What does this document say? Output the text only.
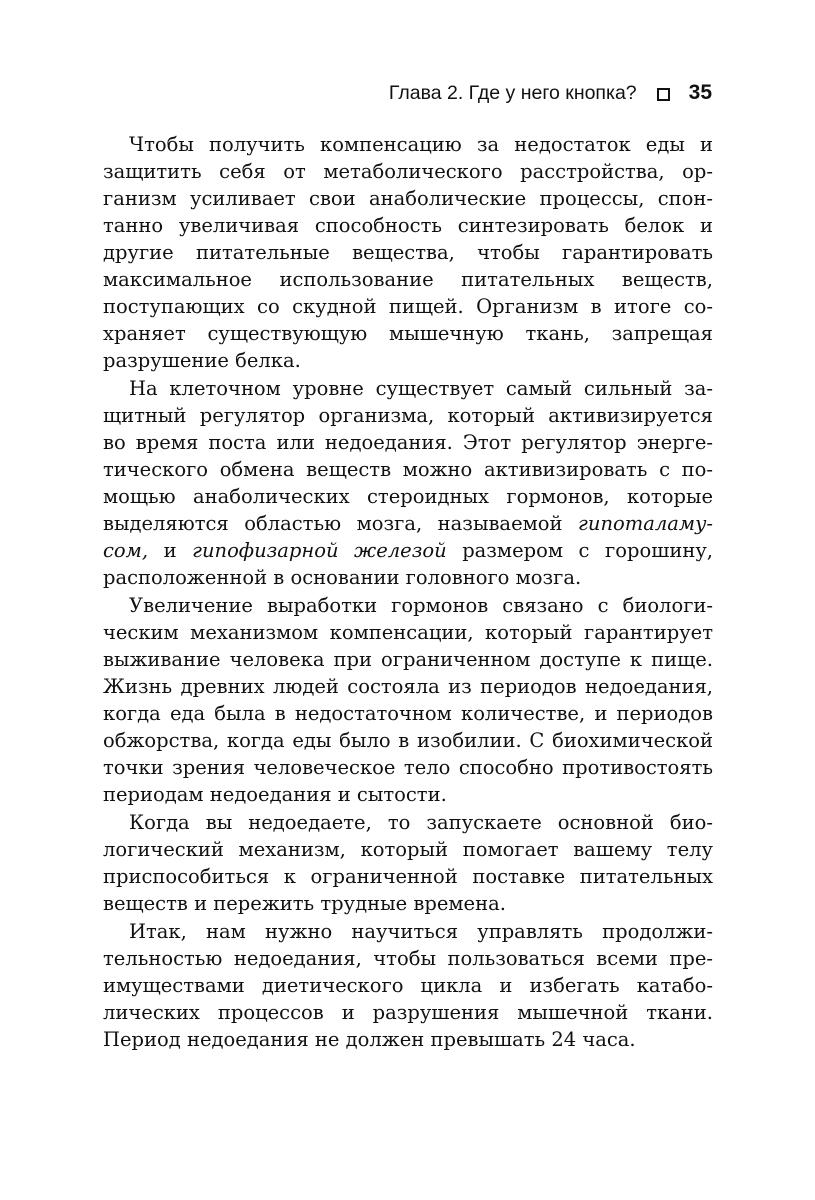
Глава 2. Где у него кнопка? 35

Чтобы получить компенсацию за недостаток еды и защитить себя от метаболического расстройства, организм усиливает свои анаболические процессы, спонтанно увеличивая способность синтезировать белок и другие питательные вещества, чтобы гарантировать максимальное использование питательных веществ, поступающих со скудной пищей. Организм в итоге сохраняет существующую мышечную ткань, запрещая разрушение белка.

На клеточном уровне существует самый сильный защитный регулятор организма, который активизируется во время поста или недоедания. Этот регулятор энергетического обмена веществ можно активизировать с помощью анаболических стероидных гормонов, которые выделяются областью мозга, называемой гипоталамусом, и гипофизарной железой размером с горошину, расположенной в основании головного мозга.

Увеличение выработки гормонов связано с биологическим механизмом компенсации, который гарантирует выживание человека при ограниченном доступе к пище. Жизнь древних людей состояла из периодов недоедания, когда еда была в недостаточном количестве, и периодов обжорства, когда еды было в изобилии. С биохимической точки зрения человеческое тело способно противостоять периодам недоедания и сытости.

Когда вы недоедаете, то запускаете основной биологический механизм, который помогает вашему телу приспособиться к ограниченной поставке питательных веществ и пережить трудные времена.

Итак, нам нужно научиться управлять продолжительностью недоедания, чтобы пользоваться всеми преимуществами диетического цикла и избегать катаболических процессов и разрушения мышечной ткани. Период недоедания не должен превышать 24 часа.
